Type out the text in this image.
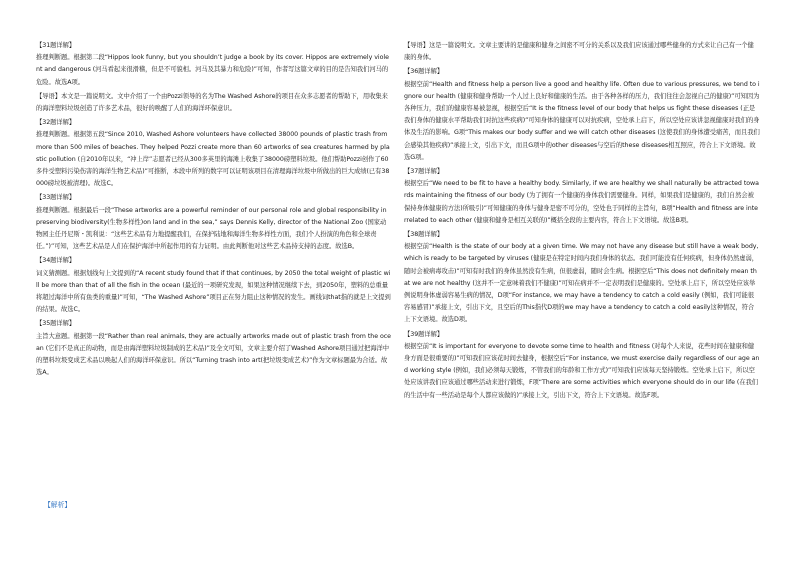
【31题详解】

推理判断题。根据第二段“Hippos look funny, but you shouldn’t judge a book by its cover. Hippos are extremely violent and dangerous (河马看起来很滑稽，但是不可貌相。河马及其暴力和危险)”可知，作者写这篇文章的目的是告知我们河马的危险。故选A项。
【导语】本文是一篇说明文。文中介绍了一个由Pozzi领导的名为The Washed Ashore的项目在众多志愿者的帮助下，用收集来的海洋塑料垃圾创造了许多艺术品，很好的唤醒了人们的海洋环保意识。

【32题详解】

推理判断题。根据第五段“Since 2010, Washed Ashore volunteers have collected 38000 pounds of plastic trash from more than 500 miles of beaches. They helped Pozzi create more than 60 artworks of sea creatures harmed by plastic pollution (自2010年以来，“冲上岸”志愿者已经从300多英里的海滩上收集了38000磅塑料垃圾。他们帮助Pozzi创作了60多件受塑料污染伤害的海洋生物艺术品)”可推断，本段中所列的数字可以证明该项目在清理海洋垃圾中所做出的巨大成绩(已有38 000磅垃圾被清理)。故选C。

【33题详解】

推理判断题。根据最后一段“These artworks are a powerful reminder of our personal role and global responsibility in preserving biodiversity(生物多样性)on land and in the sea,” says Dennis Kelly, director of the National Zoo (国家动物园主任丹尼斯・凯利说：“这些艺术品有力地提醒我们，在保护陆地和海洋生物多样性方面，我们个人扮演的角色和全球责任。”)”可知，这些艺术品是人们在保护海洋中所起作用的有力证明。由此判断他对这些艺术品持支持的态度。故选B。

【34题详解】

词义猜测题。根据划线句上文提到的“A recent study found that if that continues, by 2050 the total weight of plastic will be more than that of all the fish in the ocean (最近的一项研究发现，如果这种情况继续下去，到2050年，塑料的总重量将超过海洋中所有鱼类的重量)”可知，“The Washed Ashore”项目正在努力阻止这种情况的发生。画线词that指的就是上文提到的结果。故选C。

【35题详解】

主旨大意题。根据第一段“Rather than real animals, they are actually artworks made out of plastic trash from the ocean (它们不是真正的动物，而是由海洋塑料垃圾制成的艺术品)”及全文可知，文章主要介绍了Washed Ashore项目通过把海洋中的塑料垃圾变成艺术品以唤起人们的海洋环保意识。所以“Turning trash into art(把垃圾变成艺术)”作为文章标题最为合适。故选A。
【解析】
【导语】这是一篇说明文。文章主要讲的是健康和健身之间密不可分的关系以及我们应该通过哪些健身的方式来让自己有一个健康的身体。

【36题详解】

根据空前“Health and fitness help a person live a good and healthy life. Often due to various pressures, we tend to ignore our health (健康和健身帮助一个人过上良好和健康的生活。由于各种各样的压力，我们往往会忽视自己的健康)”可知因为各种压力，我们的健康容易被忽视，根据空后“It is the fitness level of our body that helps us fight these diseases (正是我们身体的健康水平帮助我们对抗这些疾病)”可知身体的健康可以对抗疾病，空处承上启下，所以空处应该讲忽视健康对我们的身体及生活的影响。G项“This makes our body suffer and we will catch other diseases (这使我们的身体遭受痛苦，而且我们会感染其他疾病)”承接上文，引出下文，而且G项中的other diseases与空后的these diseases相互照应，符合上下文语境。故选G项。

【37题详解】

根据空后“We need to be fit to have a healthy body. Similarly, if we are healthy we shall naturally be attracted towards maintaining the fitness of our body (为了拥有一个健康的身体我们需要健身。同样，如果我们是健康的，我们自然会被保持身体健康的方法)所吸引)”可知健康的身体与健身是密不可分的，空处也于同样的主旨句，B项“Health and fitness are interrelated to each other (健康和健身是相互关联的)”概括全段的主要内容，符合上下文语境。故选B项。

【38题详解】

根据空前“Health is the state of our body at a given time. We may not have any disease but still have a weak body, which is ready to be targeted by viruses (健康是在特定时间内我们身体的状态。我们可能没有任何疾病，但身体仍然虚弱，随时会被病毒攻击)”可知有时我们的身体虽然没有生病，但很虚弱，随时会生病。根据空后“This does not definitely mean that we are not healthy (这并不一定意味着我们不健康)”可知在病并不一定表明我们是健康的。空处承上启下，所以空处应该举例说明身体虚弱容易生病的情况，D项“For instance, we may have a tendency to catch a cold easily (例如，我们可能很容易感冒)”承接上文，引出下文，且空后的This指代D项的we may have a tendency to catch a cold easily这种情况，符合上下文语境。故选D项。

【39题详解】

根据空前“It is important for everyone to devote some time to health and fitness (对每个人来说，花些时间在健康和健身方面是很重要的)”可知我们应该花时间去健身，根据空后“For instance, we must exercise daily regardless of our age and working style (例如，我们必须每天锻炼，不管我们的年龄和工作方式)”可知我们应该每天坚持锻炼。空处承上启下，所以空处应该讲我们应该通过哪些活动来进行锻炼，F项“There are some activities which everyone should do in our life (在我们的生活中有一些活动是每个人都应该做的)”承接上文，引出下文，符合上下文语境。故选F项。
